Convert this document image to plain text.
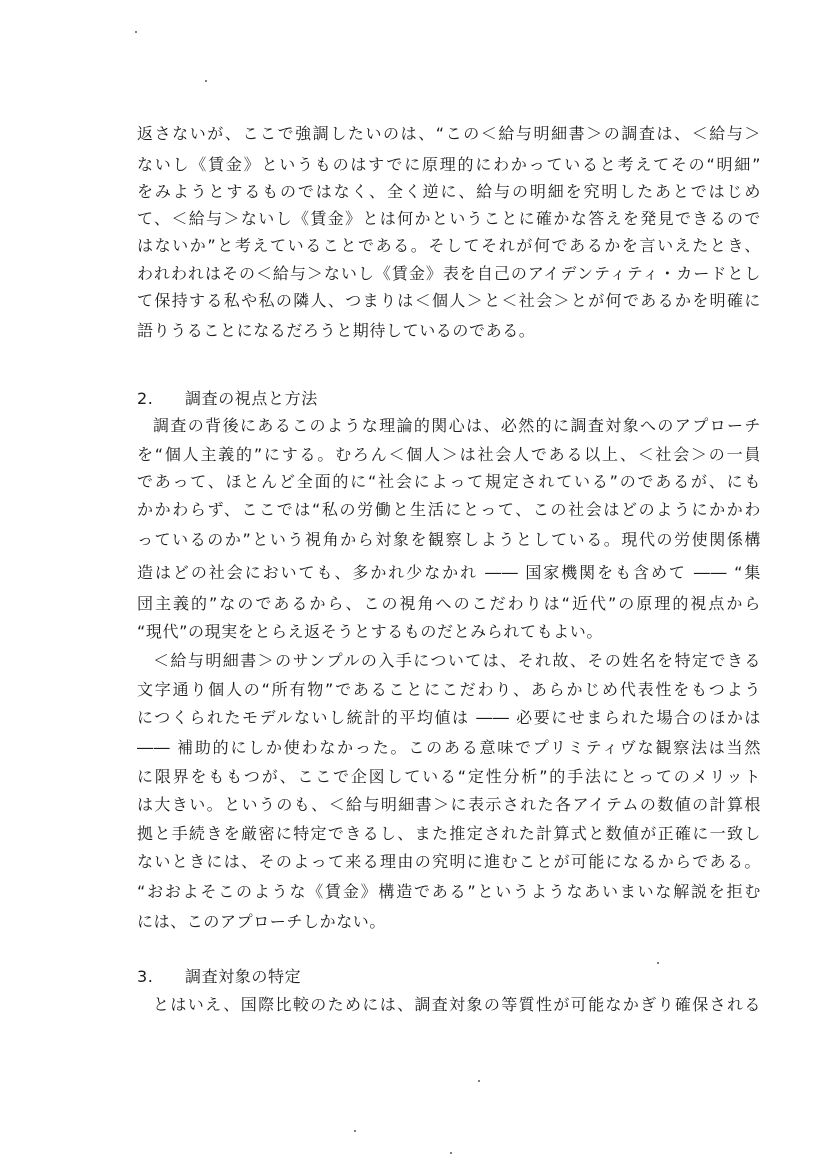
返さないが、ここで強調したいのは、“この＜給与明細書＞の調査は、＜給与＞
ないし《賃金》というものはすでに原理的にわかっていると考えてその“明細”
をみようとするものではなく、全く逆に、給与の明細を究明したあとではじめ
て、＜給与＞ないし《賃金》とは何かということに確かな答えを発見できるので
はないか”と考えていることである。そしてそれが何であるかを言いえたとき、
われわれはその＜給与＞ないし《賃金》表を自己のアイデンティティ・カードとし
て保持する私や私の隣人、つまりは＜個人＞と＜社会＞とが何であるかを明確に
語りうることになるだろうと期待しているのである。
2. 調査の視点と方法
調査の背後にあるこのような理論的関心は、必然的に調査対象へのアプローチ
を“個人主義的”にする。むろん＜個人＞は社会人である以上、＜社会＞の一員
であって、ほとんど全面的に“社会によって規定されている”のであるが、にも
かかわらず、ここでは“私の労働と生活にとって、この社会はどのようにかかわ
っているのか”という視角から対象を観察しようとしている。現代の労使関係構
造はどの社会においても、多かれ少なかれ ―― 国家機関をも含めて ―― “集
団主義的”なのであるから、この視角へのこだわりは“近代”の原理的視点から
“現代”の現実をとらえ返そうとするものだとみられてもよい。
＜給与明細書＞のサンプルの入手については、それ故、その姓名を特定できる
文字通り個人の“所有物”であることにこだわり、あらかじめ代表性をもつよう
につくられたモデルないし統計的平均値は ―― 必要にせまられた場合のほかは
―― 補助的にしか使わなかった。このある意味でプリミティヴな観察法は当然
に限界をももつが、ここで企図している“定性分析”的手法にとってのメリット
は大きい。というのも、＜給与明細書＞に表示された各アイテムの数値の計算根
拠と手続きを厳密に特定できるし、また推定された計算式と数値が正確に一致し
ないときには、そのよって来る理由の究明に進むことが可能になるからである。
“おおよそこのような《賃金》構造である”というようなあいまいな解説を拒む
には、このアプローチしかない。
3. 調査対象の特定
とはいえ、国際比較のためには、調査対象の等質性が可能なかぎり確保される
